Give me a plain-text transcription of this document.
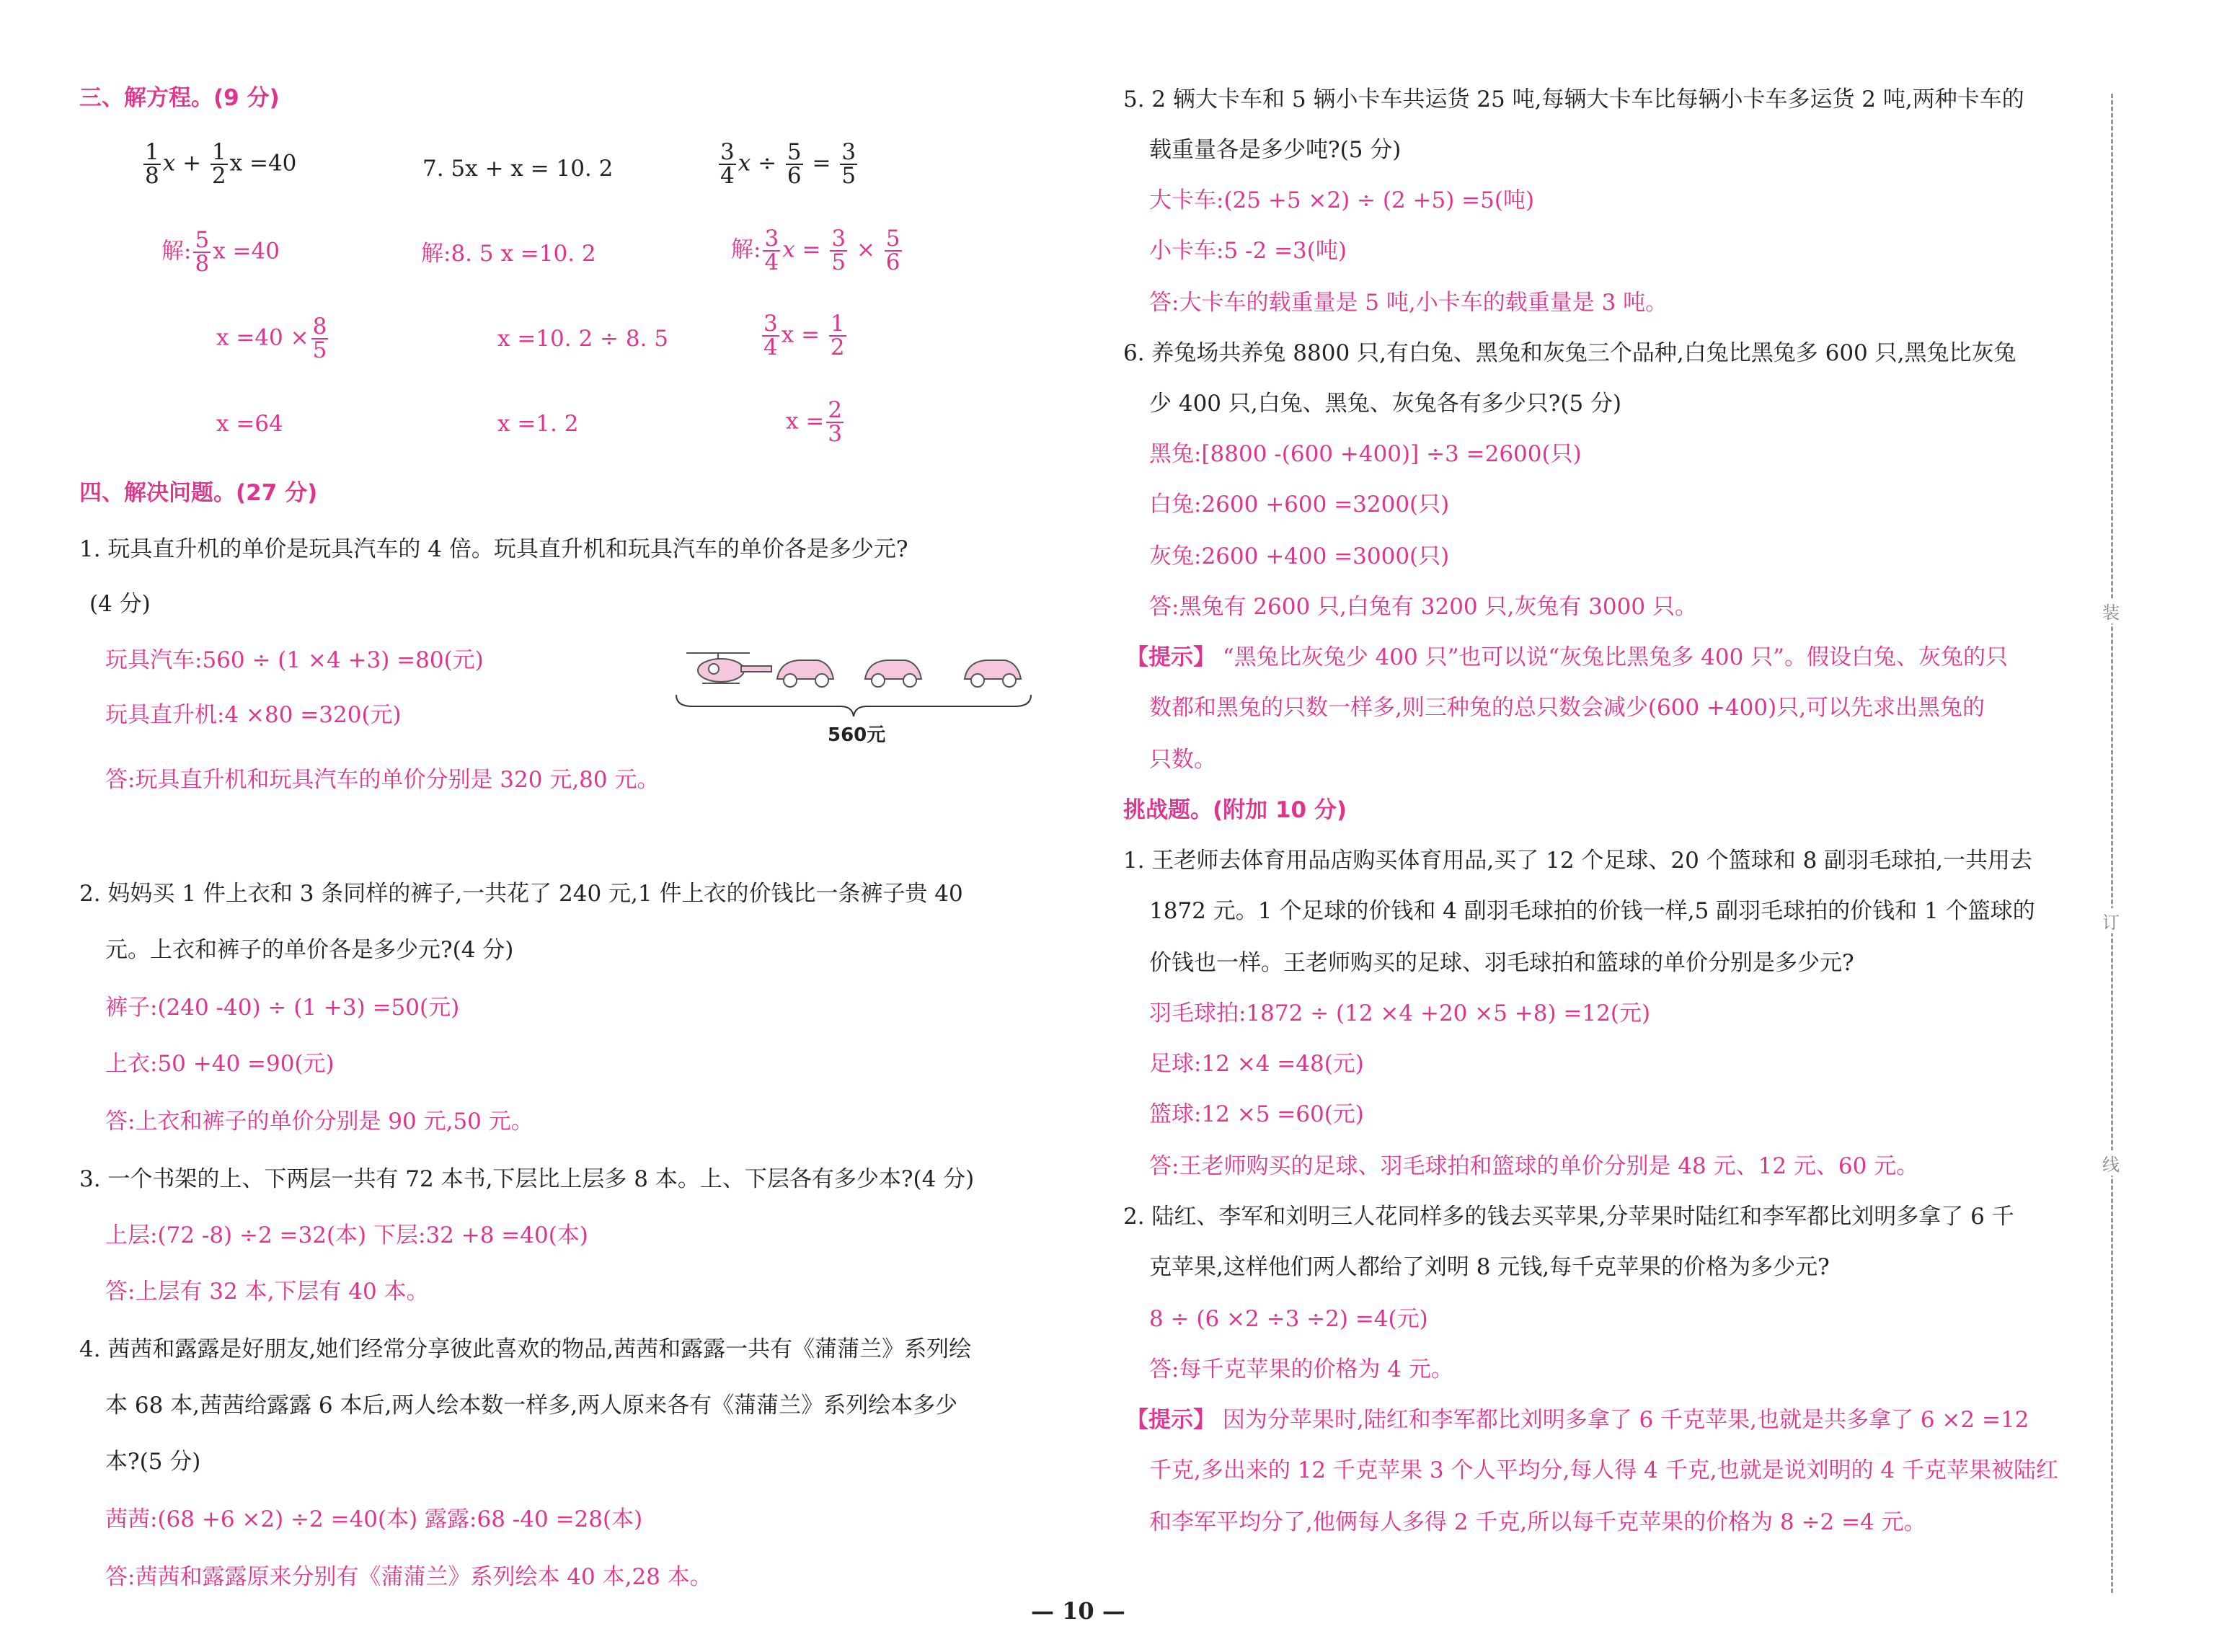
三、解方程。(9 分)
$\frac{1}{8}$ $x + \frac{1}{2}$ x =40
解: $\frac{5}{8}$ x =40
$x =40 \times \frac{8}{5}$
x =64
7. 5x + x = 10. 2
解:8. 5 x =10. 2
x =10. 2 ÷ 8. 5
x =1. 2
$\frac{3}{4}$ $x \div \frac{5}{6} = \frac{3}{5}$
解: $\frac{3}{4}$ $x = \frac{3}{5} \times \frac{5}{6}$
$\frac{3}{4}$ $x = \frac{1}{2}$
$x = \frac{2}{3}$
四、解决问题。(27 分)
1. 玩具直升机的单价是玩具汽车的 4 倍。玩具直升机和玩具汽车的单价各是多少元?
(4 分)
玩具汽车:560 ÷ (1 ×4 +3) =80(元)
玩具直升机:4 ×80 =320(元)
答:玩具直升机和玩具汽车的单价分别是 320 元,80 元。
560元
2. 妈妈买 1 件上衣和 3 条同样的裤子,一共花了 240 元,1 件上衣的价钱比一条裤子贵 40
元。上衣和裤子的单价各是多少元?(4 分)
裤子:(240 -40) ÷ (1 +3) =50(元)
上衣:50 +40 =90(元)
答:上衣和裤子的单价分别是 90 元,50 元。
3. 一个书架的上、下两层一共有 72 本书,下层比上层多 8 本。上、下层各有多少本?(4 分)
上层:(72 -8) ÷2 =32(本) 下层:32 +8 =40(本)
答:上层有 32 本,下层有 40 本。
4. 茜茜和露露是好朋友,她们经常分享彼此喜欢的物品,茜茜和露露一共有《蒲蒲兰》系列绘
本 68 本,茜茜给露露 6 本后,两人绘本数一样多,两人原来各有《蒲蒲兰》系列绘本多少
本?(5 分)
茜茜:(68 +6 ×2) ÷2 =40(本) 露露:68 -40 =28(本)
答:茜茜和露露原来分别有《蒲蒲兰》系列绘本 40 本,28 本。
5. 2 辆大卡车和 5 辆小卡车共运货 25 吨,每辆大卡车比每辆小卡车多运货 2 吨,两种卡车的
载重量各是多少吨?(5 分)
大卡车:(25 +5 ×2) ÷ (2 +5) =5(吨)
小卡车:5 -2 =3(吨)
答:大卡车的载重量是 5 吨,小卡车的载重量是 3 吨。
6. 养兔场共养兔 8800 只,有白兔、黑兔和灰兔三个品种,白兔比黑兔多 600 只,黑兔比灰兔
少 400 只,白兔、黑兔、灰兔各有多少只?(5 分)
黑兔:[8800 -(600 +400)] ÷3 =2600(只)
白兔:2600 +600 =3200(只)
灰兔:2600 +400 =3000(只)
答:黑兔有 2600 只,白兔有 3200 只,灰兔有 3000 只。
【提示】 “黑兔比灰兔少 400 只”也可以说“灰兔比黑兔多 400 只”。假设白兔、灰兔的只
数都和黑兔的只数一样多,则三种兔的总只数会减少(600 +400)只,可以先求出黑兔的
只数。
挑战题。(附加 10 分)
1. 王老师去体育用品店购买体育用品,买了 12 个足球、20 个篮球和 8 副羽毛球拍,一共用去
1872 元。1 个足球的价钱和 4 副羽毛球拍的价钱一样,5 副羽毛球拍的价钱和 1 个篮球的
价钱也一样。王老师购买的足球、羽毛球拍和篮球的单价分别是多少元?
羽毛球拍:1872 ÷ (12 ×4 +20 ×5 +8) =12(元)
足球:12 ×4 =48(元)
篮球:12 ×5 =60(元)
答:王老师购买的足球、羽毛球拍和篮球的单价分别是 48 元、12 元、60 元。
2. 陆红、李军和刘明三人花同样多的钱去买苹果,分苹果时陆红和李军都比刘明多拿了 6 千
克苹果,这样他们两人都给了刘明 8 元钱,每千克苹果的价格为多少元?
8 ÷ (6 ×2 ÷3 ÷2) =4(元)
答:每千克苹果的价格为 4 元。
【提示】 因为分苹果时,陆红和李军都比刘明多拿了 6 千克苹果,也就是共多拿了 6 ×2 =12
千克,多出来的 12 千克苹果 3 个人平均分,每人得 4 千克,也就是说刘明的 4 千克苹果被陆红
和李军平均分了,他俩每人多得 2 千克,所以每千克苹果的价格为 8 ÷2 =4 元。
装
订
线
— 10 —
